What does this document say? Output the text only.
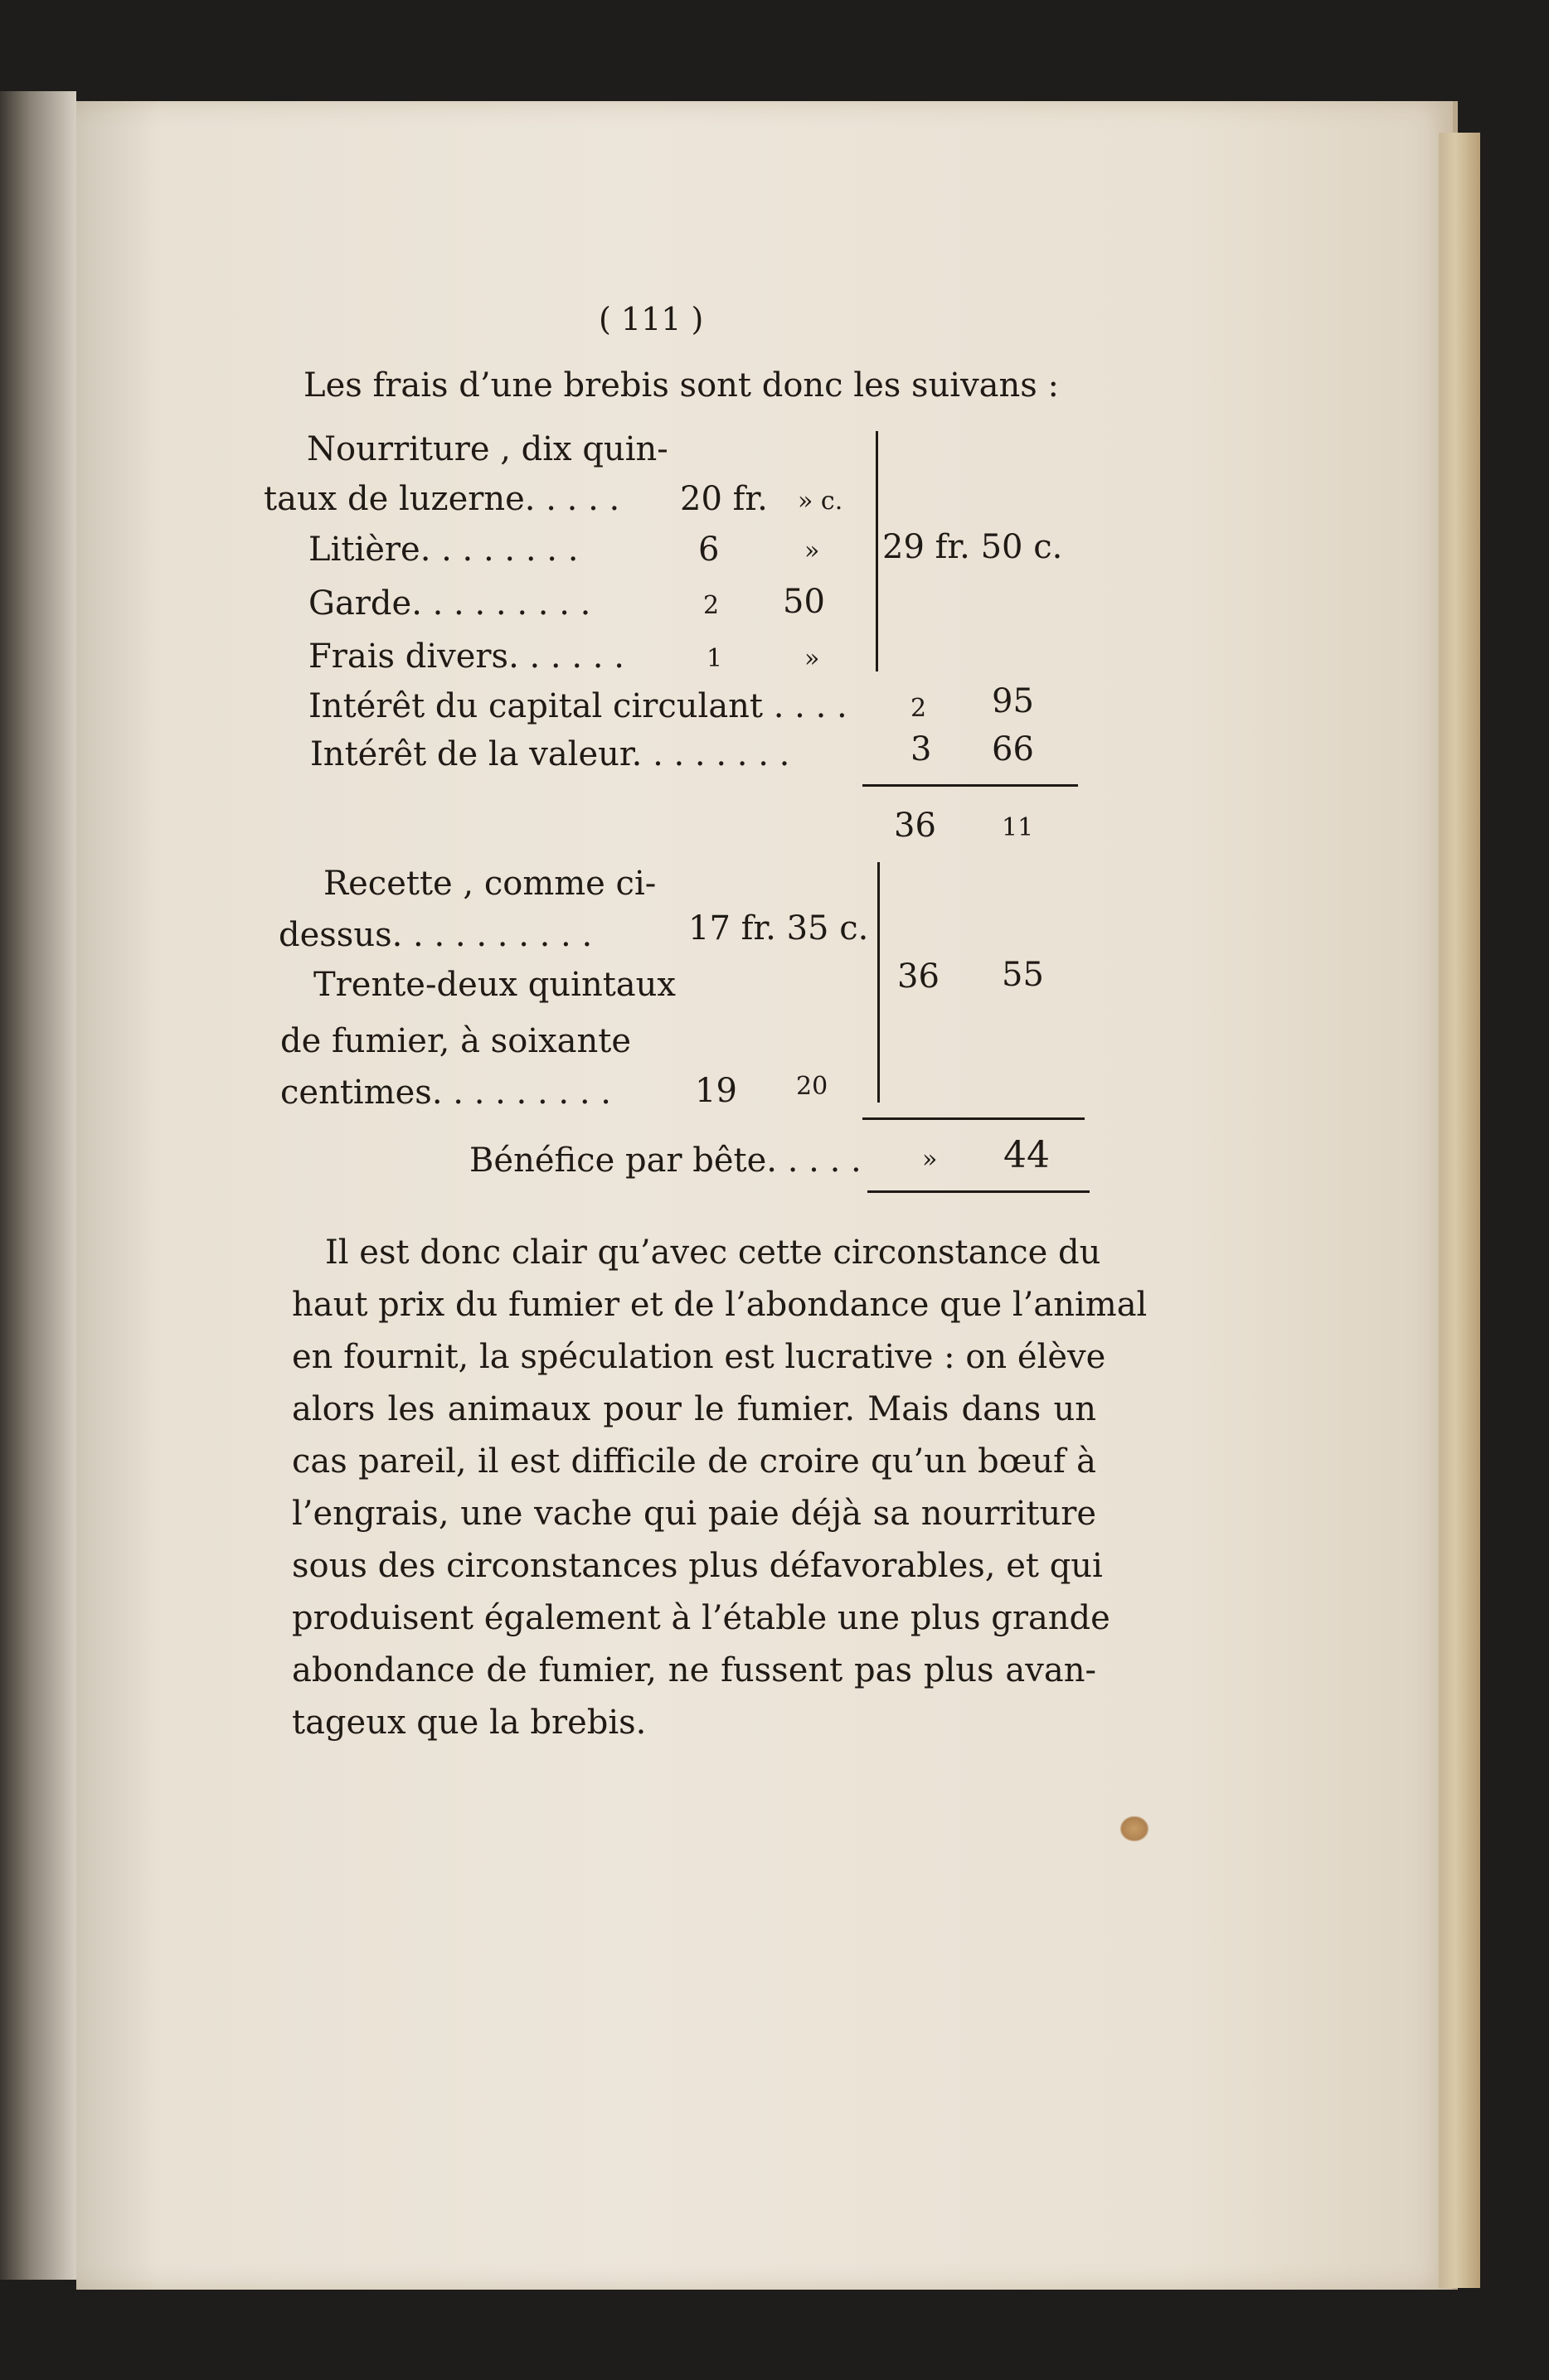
( 111 )
Les frais d’une brebis sont donc les suivans :
Nourriture , dix quin-
taux de luzerne. . . . . 20 fr. » c.
Litière. . . . . . . .	6	»
Garde. . . . . . . . .	2 50
Frais divers. . . . . .	1	»
29 fr. 50 c.
Intérêt du capital circulant . . . .	2 95
Intérêt de la valeur. . . . . . . .	3 66
36	11
Recette , comme ci-
dessus. . . . . . . . . .	17 fr. 35 c.
Trente-deux quintaux
de fumier, à soixante
centimes. . . . . . . . .	19 20
36 55
Bénéfice par bête. . . . . » 44
Il est donc clair qu’avec cette circonstance du
haut prix du fumier et de l’abondance que l’animal
en fournit, la spéculation est lucrative : on élève
alors les animaux pour le fumier. Mais dans un
cas pareil, il est difficile de croire qu’un bœuf à
l’engrais, une vache qui paie déjà sa nourriture
sous des circonstances plus défavorables, et qui
produisent également à l’étable une plus grande
abondance de fumier, ne fussent pas plus avan-
tageux que la brebis.
